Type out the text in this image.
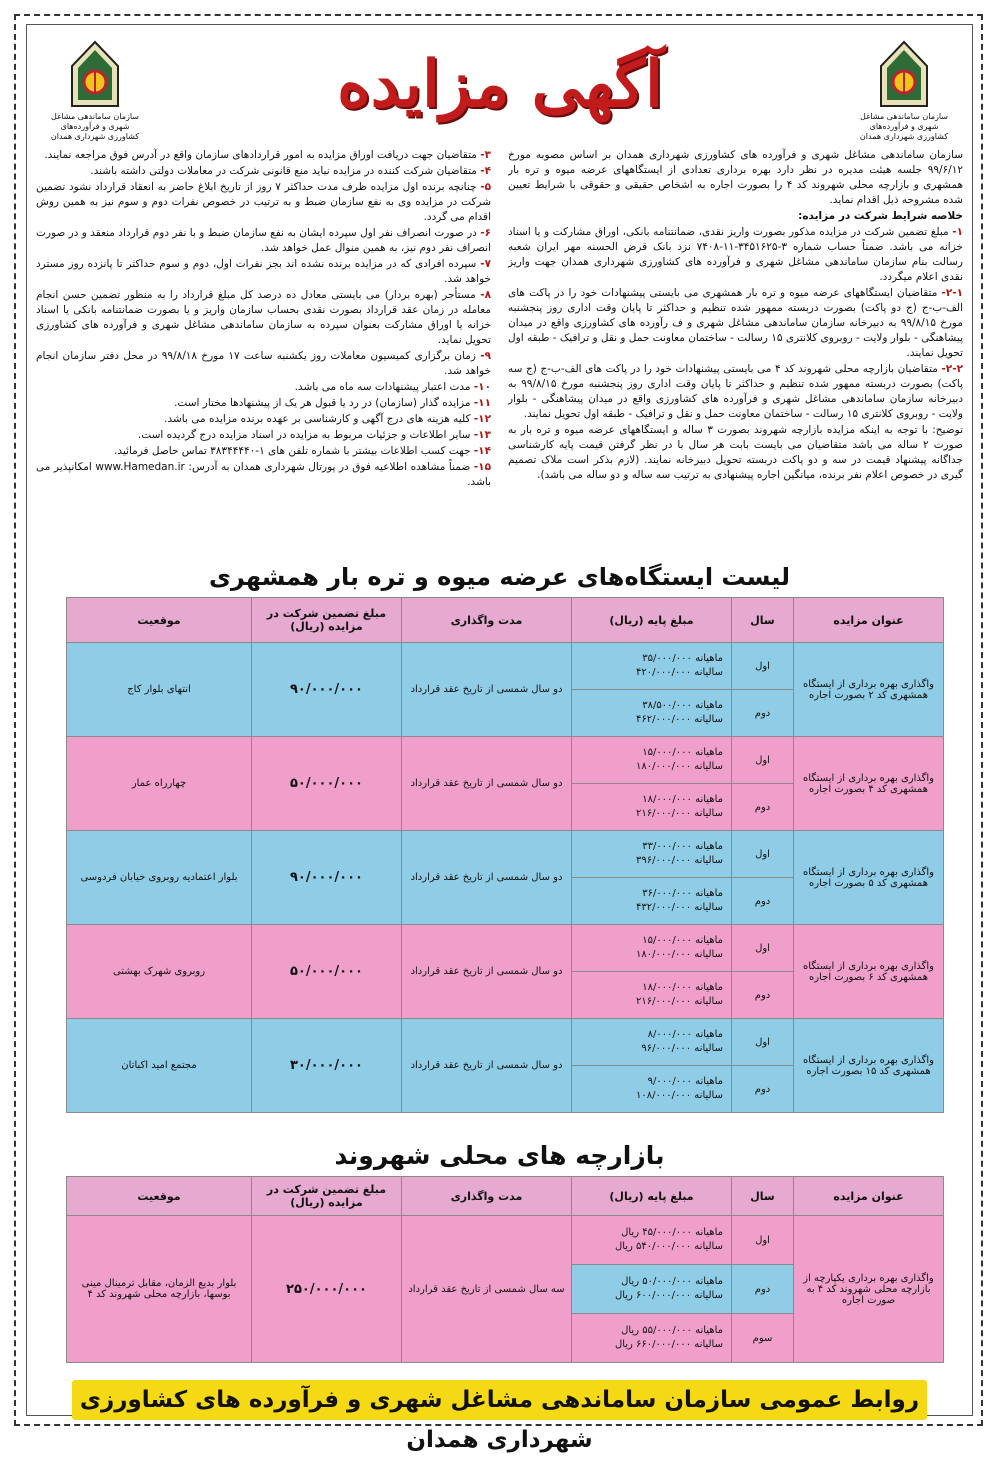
سازمان ساماندهی مشاغل شهری و فرآورده‌های کشاورزی شهرداری همدان
سازمان ساماندهی مشاغل شهری و فرآورده‌های کشاورزی شهرداری همدان
آگهی مزایده

سازمان ساماندهی مشاغل شهری و فرآورده های کشاورزی شهرداری همدان بر اساس مصوبه مورخ ۹۹/۶/۱۲ جلسه هیئت مدیره در نظر دارد بهره برداری تعدادی از ایستگاههای عرضه میوه و تره بار همشهری و بازارچه محلی شهروند کد ۴ را بصورت اجاره به اشخاص حقیقی و حقوقی با شرایط تعیین شده مشروحه ذیل اقدام نماید.

خلاصه شرایط شرکت در مزایده:

۱- مبلغ تضمین شرکت در مزایده مذکور بصورت واریز نقدی، ضمانتنامه بانکی، اوراق مشارکت و یا اسناد خزانه می باشد. ضمناً حساب شماره ۳-۳۴۵۱۶۲۵-۱۱-۷۴۰۸ نزد بانک قرض الحسنه مهر ایران شعبه رسالت بنام سازمان ساماندهی مشاغل شهری و فرآورده های کشاورزی شهرداری همدان جهت واریز نقدی اعلام میگردد.

۲-۱- متقاضیان ایستگاههای عرضه میوه و تره بار همشهری می بایستی پیشنهادات خود را در پاکت های الف-ب-ج (ج دو پاکت) بصورت دربسته ممهور شده تنظیم و حداکثر تا پایان وقت اداری روز پنجشنبه مورخ ۹۹/۸/۱۵ به دبیرخانه سازمان ساماندهی مشاغل شهری و ف رآورده های کشاورزی واقع در میدان پیشاهنگی - بلوار ولایت - روبروی کلانتری ۱۵ رسالت - ساختمان معاونت حمل و نقل و ترافیک - طبقه اول تحویل نمایند.

۲-۲- متقاضیان بازارچه محلی شهروند کد ۴ می بایستی پیشنهادات خود را در پاکت های الف-ب-ج (ج سه پاکت) بصورت دربسته ممهور شده تنظیم و حداکثر تا پایان وقت اداری روز پنجشنبه مورخ ۹۹/۸/۱۵ به دبیرخانه سازمان ساماندهی مشاغل شهری و فرآورده های کشاورزی واقع در میدان پیشاهنگی - بلوار ولایت - روبروی کلانتری ۱۵ رسالت - ساختمان معاونت حمل و نقل و ترافیک - طبقه اول تحویل نمایند.

توضیح: با توجه به اینکه مزایده بازارچه شهروند بصورت ۳ ساله و ایستگاههای عرضه میوه و تره بار به صورت ۲ ساله می باشد متقاضیان می بایست بابت هر سال با در نظر گرفتن قیمت پایه کارشناسی جداگانه پیشنهاد قیمت در سه و دو پاکت دربسته تحویل دبیرخانه نمایند. (لازم بذکر است ملاک تصمیم گیری در خصوص اعلام نفر برنده، میانگین اجاره پیشنهادی به ترتیب سه ساله و دو ساله می باشد).

۳- متقاضیان جهت دریافت اوراق مزایده به امور قراردادهای سازمان واقع در آدرس فوق مراجعه نمایند.

۴- متقاضیان شرکت کننده در مزایده نباید منع قانونی شرکت در معاملات دولتی داشته باشند.

۵- چنانچه برنده اول مزایده ظرف مدت حداکثر ۷ روز از تاریخ ابلاغ حاضر به انعقاد قرارداد نشود تضمین شرکت در مزایده وی به نفع سازمان ضبط و به ترتیب در خصوص نفرات دوم و سوم نیز به همین روش اقدام می گردد.

۶- در صورت انصراف نفر اول سپرده ایشان به نفع سازمان ضبط و با نفر دوم قرارداد منعقد و در صورت انصراف نفر دوم نیز، به همین منوال عمل خواهد شد.

۷- سپرده افرادی که در مزایده برنده نشده اند بجز نفرات اول، دوم و سوم حداکثر تا پانزده روز مسترد خواهد شد.

۸- مستأجر (بهره بردار) می بایستی معادل ده درصد کل مبلغ قرارداد را به منظور تضمین حسن انجام معامله در زمان عقد قرارداد بصورت نقدی بحساب سازمان واریز و یا بصورت ضمانتنامه بانکی یا اسناد خزانه یا اوراق مشارکت بعنوان سپرده به سازمان ساماندهی مشاغل شهری و فرآورده های کشاورزی تحویل نماید.

۹- زمان برگزاری کمیسیون معاملات روز یکشنبه ساعت ۱۷ مورخ ۹۹/۸/۱۸ در محل دفتر سازمان انجام خواهد شد.

۱۰- مدت اعتبار پیشنهادات سه ماه می باشد.

۱۱- مزایده گذار (سازمان) در رد یا قبول هر یک از پیشنهادها مختار است.

۱۲- کلیه هزینه های درج آگهی و کارشناسی بر عهده برنده مزایده می باشد.

۱۳- سایر اطلاعات و جزئیات مربوط به مزایده در اسناد مزایده درج گردیده است.

۱۴- جهت کسب اطلاعات بیشتر با شماره تلفن های ۱-۳۸۳۴۴۴۴۰ تماس حاصل فرمائید.

۱۵- ضمناً مشاهده اطلاعیه فوق در پورتال شهرداری همدان به آدرس: www.Hamedan.ir امکانپذیر می باشد.

لیست ایستگاه‌های عرضه میوه و تره بار همشهری
عنوان مزایده	سال	مبلغ پایه (ریال)	مدت واگذاری	مبلغ تضمین شرکت در مزایده (ریال)	موقعیت
واگذاری بهره برداری از ایستگاه همشهری کد ۲ بصورت اجاره	اول	ماهیانه ۳۵/۰۰۰/۰۰۰
سالیانه ۴۲۰/۰۰۰/۰۰۰	دو سال شمسی از تاریخ عقد قرارداد	۹۰/۰۰۰/۰۰۰	انتهای بلوار کاج
	دوم	ماهیانه ۳۸/۵۰۰/۰۰۰
سالیانه ۴۶۲/۰۰۰/۰۰۰			

واگذاری بهره برداری از ایستگاه همشهری کد ۴ بصورت اجاره	اول	ماهیانه ۱۵/۰۰۰/۰۰۰
سالیانه ۱۸۰/۰۰۰/۰۰۰	دو سال شمسی از تاریخ عقد قرارداد	۵۰/۰۰۰/۰۰۰	چهارراه عمار
	دوم	ماهیانه ۱۸/۰۰۰/۰۰۰
سالیانه ۲۱۶/۰۰۰/۰۰۰			

واگذاری بهره برداری از ایستگاه همشهری کد ۵ بصورت اجاره	اول	ماهیانه ۳۳/۰۰۰/۰۰۰
سالیانه ۳۹۶/۰۰۰/۰۰۰	دو سال شمسی از تاریخ عقد قرارداد	۹۰/۰۰۰/۰۰۰	بلوار اعتمادیه روبروی خیابان فردوسی
	دوم	ماهیانه ۳۶/۰۰۰/۰۰۰
سالیانه ۴۳۲/۰۰۰/۰۰۰			

واگذاری بهره برداری از ایستگاه همشهری کد ۶ بصورت اجاره	اول	ماهیانه ۱۵/۰۰۰/۰۰۰
سالیانه ۱۸۰/۰۰۰/۰۰۰	دو سال شمسی از تاریخ عقد قرارداد	۵۰/۰۰۰/۰۰۰	روبروی شهرک بهشتی
	دوم	ماهیانه ۱۸/۰۰۰/۰۰۰
سالیانه ۲۱۶/۰۰۰/۰۰۰			

واگذاری بهره برداری از ایستگاه همشهری کد ۱۵ بصورت اجاره	اول	ماهیانه ۸/۰۰۰/۰۰۰
سالیانه ۹۶/۰۰۰/۰۰۰	دو سال شمسی از تاریخ عقد قرارداد	۳۰/۰۰۰/۰۰۰	مجتمع امید اکباتان
	دوم	ماهیانه ۹/۰۰۰/۰۰۰
سالیانه ۱۰۸/۰۰۰/۰۰۰			
بازارچه های محلی شهروند
عنوان مزایده	سال	مبلغ پایه (ریال)	مدت واگذاری	مبلغ تضمین شرکت در مزایده (ریال)	موقعیت
واگذاری بهره برداری یکپارچه از بازارچه محلی شهروند کد ۴ به صورت اجاره	اول	ماهیانه ۴۵/۰۰۰/۰۰۰ ریال
سالیانه ۵۴۰/۰۰۰/۰۰۰ ریال	سه سال شمسی از تاریخ عقد قرارداد	۲۵۰/۰۰۰/۰۰۰	بلوار بدیع الزمان، مقابل ترمینال مینی بوسها، بازارچه محلی شهروند کد ۴
	دوم	ماهیانه ۵۰/۰۰۰/۰۰۰ ریال
سالیانه ۶۰۰/۰۰۰/۰۰۰ ریال			

	سوم	ماهیانه ۵۵/۰۰۰/۰۰۰ ریال
سالیانه ۶۶۰/۰۰۰/۰۰۰ ریال			
روابط عمومی سازمان ساماندهی مشاغل شهری و فرآورده های کشاورزی شهرداری همدان
